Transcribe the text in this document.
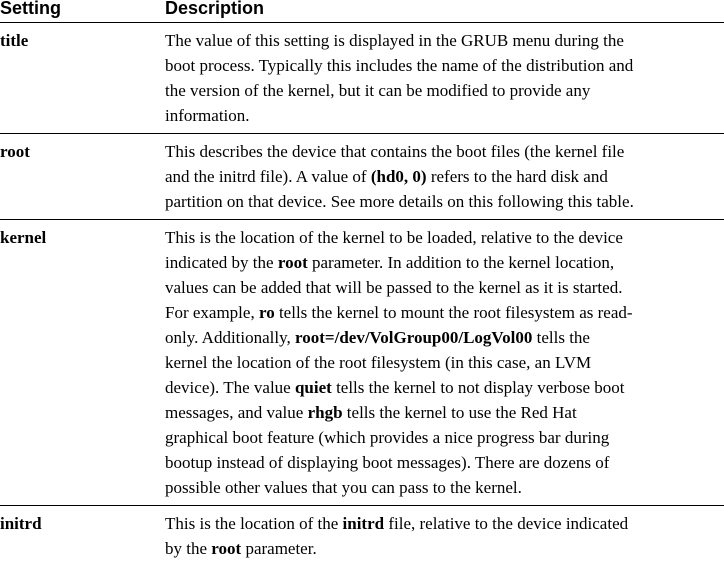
Setting	Description
title	The value of this setting is displayed in the GRUB menu during the
boot process. Typically this includes the name of the distribution and
the version of the kernel, but it can be modified to provide any
information.
root	This describes the device that contains the boot files (the kernel file
and the initrd file). A value of (hd0, 0) refers to the hard disk and
partition on that device. See more details on this following this table.
kernel	This is the location of the kernel to be loaded, relative to the device
indicated by the root parameter. In addition to the kernel location,
values can be added that will be passed to the kernel as it is started.
For example, ro tells the kernel to mount the root filesystem as read-
only. Additionally, root=/dev/VolGroup00/LogVol00 tells the
kernel the location of the root filesystem (in this case, an LVM
device). The value quiet tells the kernel to not display verbose boot
messages, and value rhgb tells the kernel to use the Red Hat
graphical boot feature (which provides a nice progress bar during
bootup instead of displaying boot messages). There are dozens of
possible other values that you can pass to the kernel.
initrd	This is the location of the initrd file, relative to the device indicated
by the root parameter.
